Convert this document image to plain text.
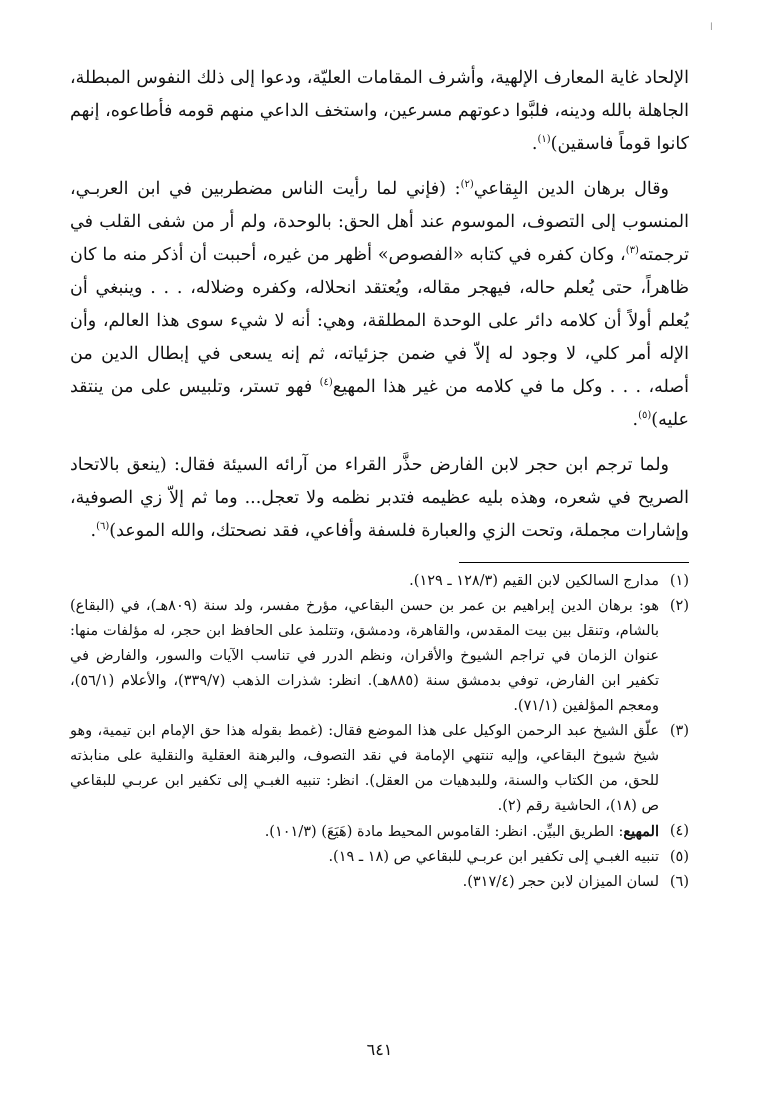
ا

الإلحاد غاية المعارف الإلهية، وأشرف المقامات العليّة، ودعوا إلى ذلك النفوس المبطلة، الجاهلة بالله ودينه، فلبَّوا دعوتهم مسرعين، واستخف الداعي منهم قومه فأطاعوه، إنهم كانوا قوماً فاسقين)$^{(١)}$.

وقال برهان الدين البِقاعي$^{(٢)}$: (فإني لما رأيت الناس مضطربين في ابن العربـي، المنسوب إلى التصوف، الموسوم عند أهل الحق: بالوحدة، ولم أر من شفى القلب في ترجمته$^{(٣)}$، وكان كفره في كتابه «الفصوص» أظهر من غيره، أحببت أن أذكر منه ما كان ظاهراً، حتى يُعلم حاله، فيهجر مقاله، ويُعتقد انحلاله، وكفره وضلاله، . . . وينبغي أن يُعلم أولاً أن كلامه دائر على الوحدة المطلقة، وهي: أنه لا شيء سوى هذا العالم، وأن الإله أمر كلي، لا وجود له إلاّ في ضمن جزئياته، ثم إنه يسعى في إبطال الدين من أصله، . . . وكل ما في كلامه من غير هذا المهيع$^{(٤)}$ فهو تستر، وتلبيس على من ينتقد عليه)$^{(٥)}$.

ولما ترجم ابن حجر لابن الفارض حذَّر القراء من آرائه السيئة فقال: (ينعق بالاتحاد الصريح في شعره، وهذه بليه عظيمه فتدبر نظمه ولا تعجل... وما ثم إلاّ زي الصوفية، وإشارات مجملة، وتحت الزي والعبارة فلسفة وأفاعي، فقد نصحتك، والله الموعد)$^{(٦)}$.

(١)
مدارج السالكين لابن القيم (١٢٨/٣ ـ ١٢٩).
(٢)
هو: برهان الدين إبراهيم بن عمر بن حسن البقاعي، مؤرخ مفسر، ولد سنة (٨٠٩هـ)، في (البقاع) بالشام، وتنقل بين بيت المقدس، والقاهرة، ودمشق، وتتلمذ على الحافظ ابن حجر، له مؤلفات منها: عنوان الزمان في تراجم الشيوخ والأقران، ونظم الدرر في تناسب الآيات والسور، والفارض في تكفير ابن الفارض، توفي بدمشق سنة (٨٨٥هـ). انظر: شذرات الذهب (٣٣٩/٧)، والأعلام (٥٦/١)، ومعجم المؤلفين (٧١/١).
(٣)
علّق الشيخ عبد الرحمن الوكيل على هذا الموضع فقال: (غمط بقوله هذا حق الإمام ابن تيمية، وهو شيخ شيوخ البقاعي، وإليه تنتهي الإمامة في نقد التصوف، والبرهنة العقلية والنقلية على منابذته للحق، من الكتاب والسنة، وللبدهيات من العقل). انظر: تنبيه الغبـي إلى تكفير ابن عربـي للبقاعي ص (١٨)، الحاشية رقم (٢).
(٤)
المهيع: الطريق البيِّن. انظر: القاموس المحيط مادة (هَيَعَ) (١٠١/٣).
(٥)
تنبيه الغبـي إلى تكفير ابن عربـي للبقاعي ص (١٨ ـ ١٩).
(٦)
لسان الميزان لابن حجر (٣١٧/٤).
٦٤١
